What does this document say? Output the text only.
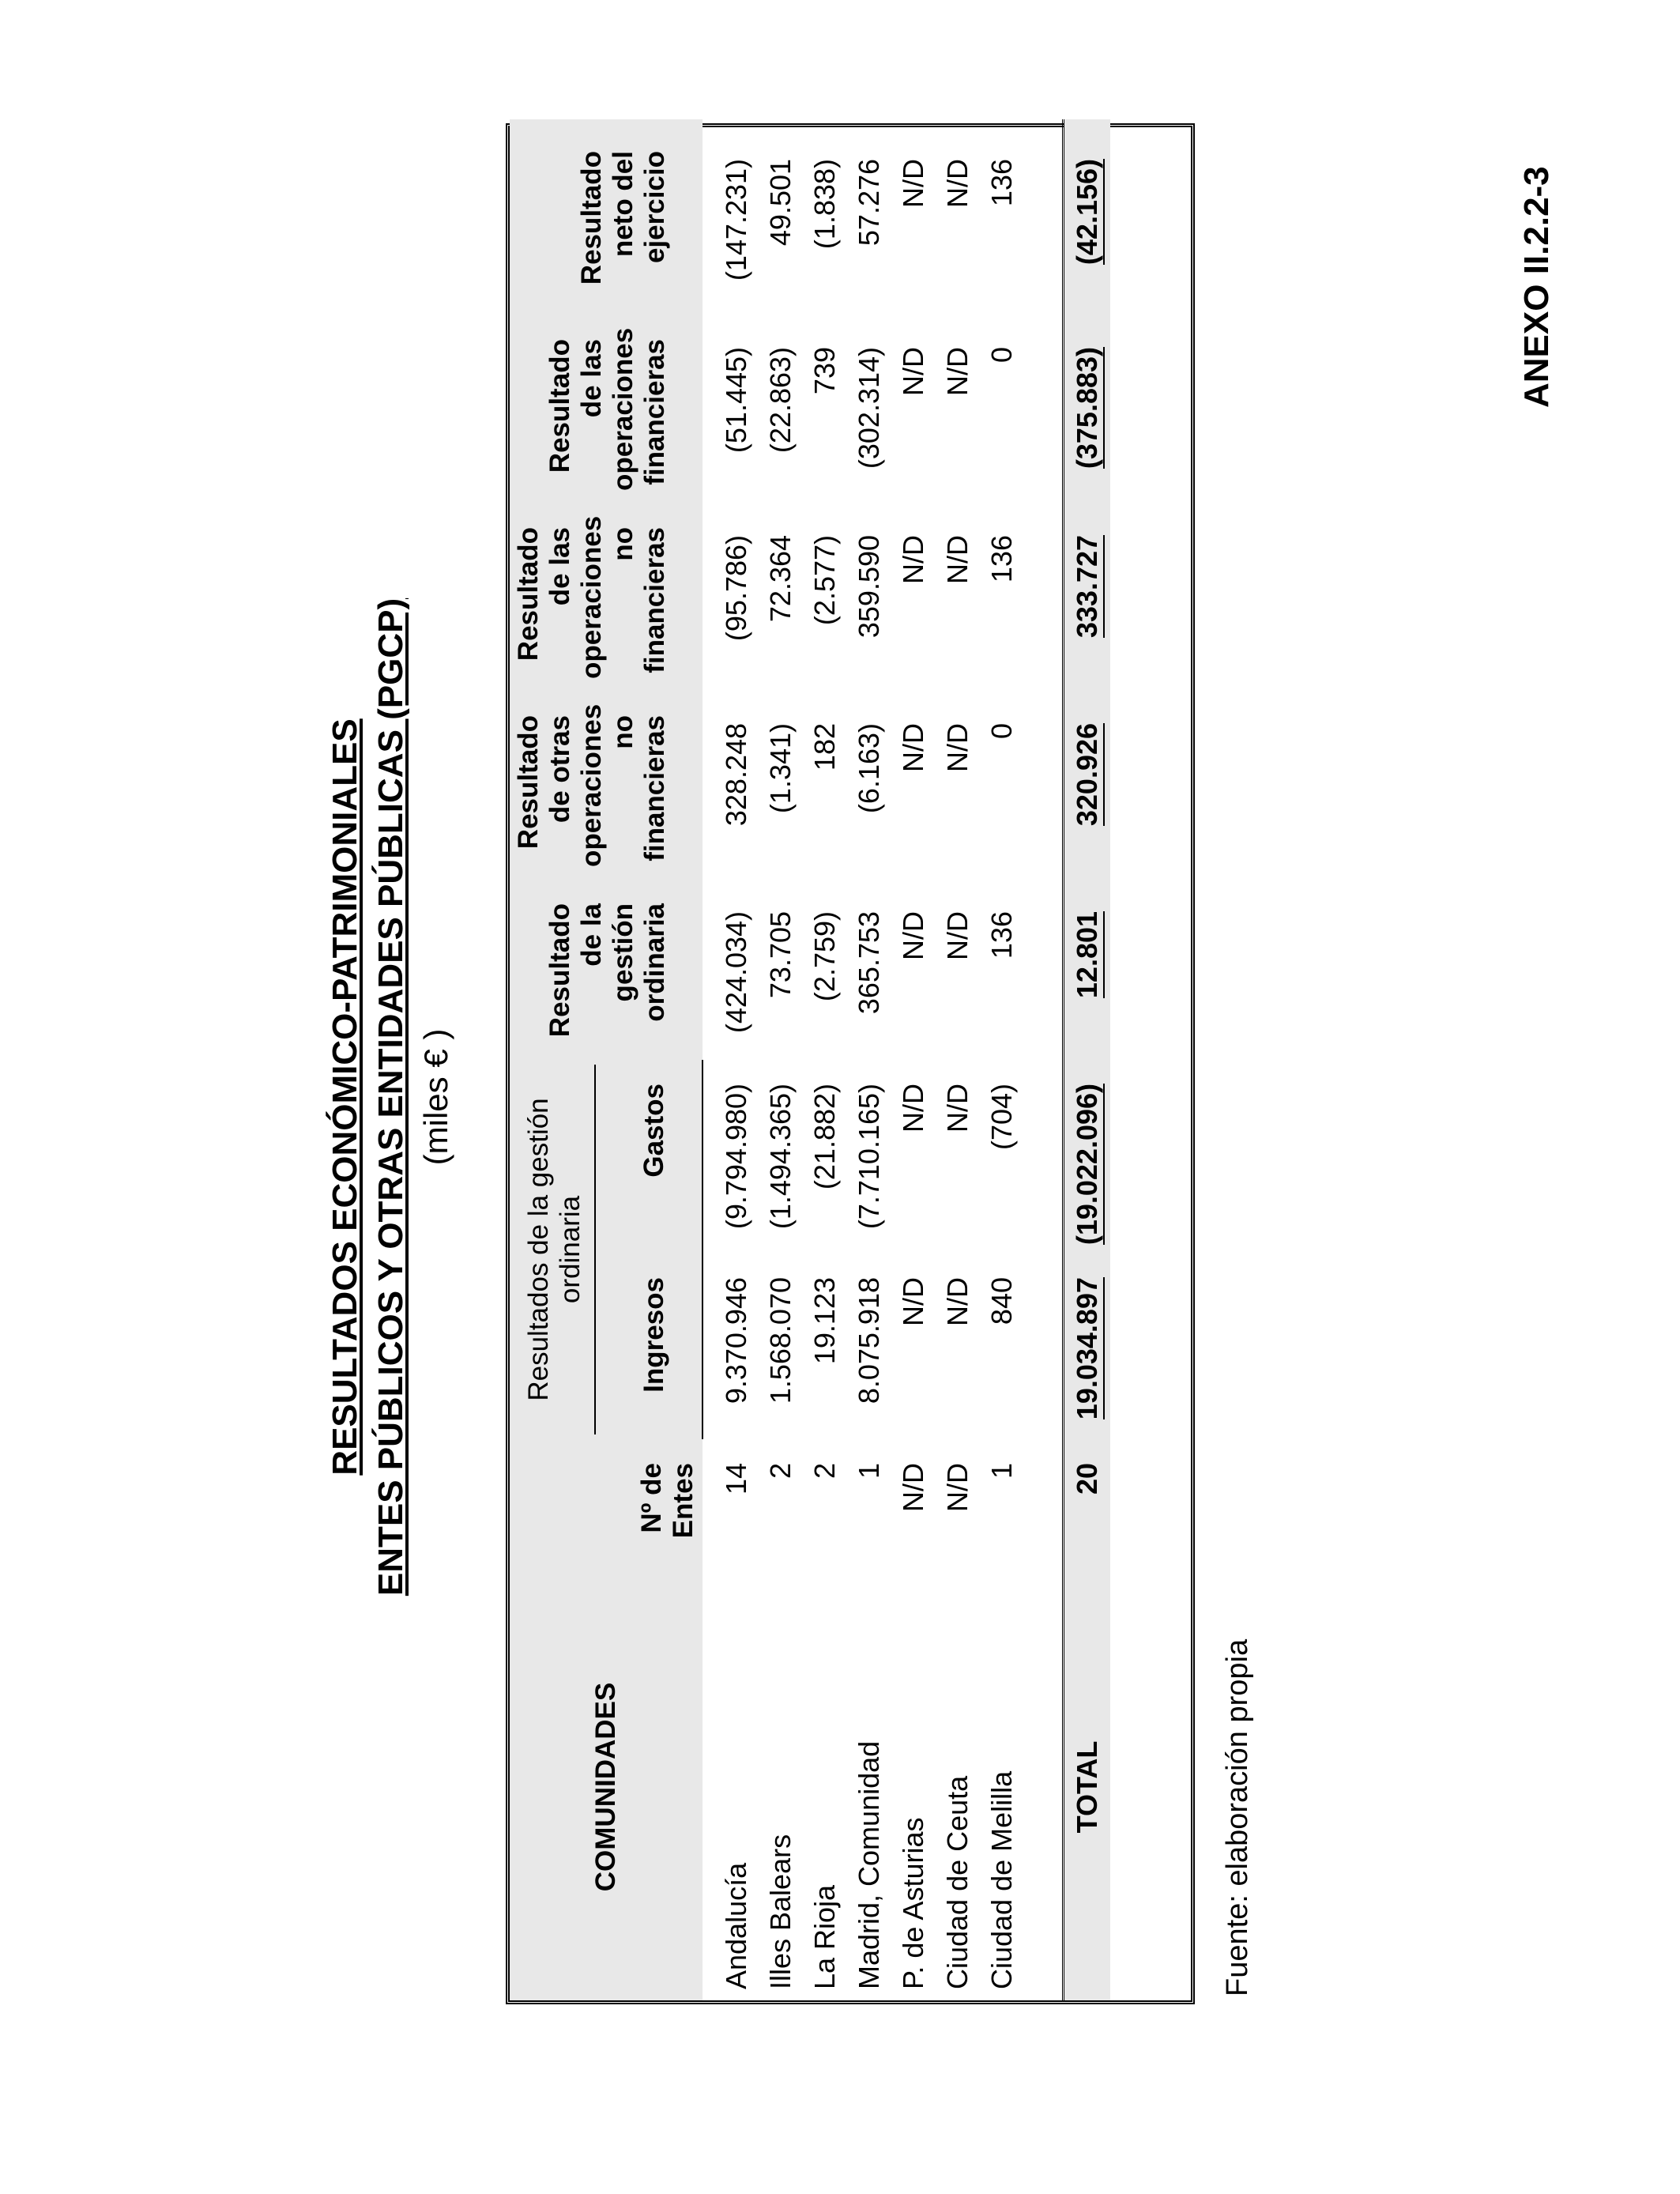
ANEXO II.2.2-3
RESULTADOS ECONÓMICO-PATRIMONIALES ENTES PÚBLICOS Y OTRAS ENTIDADES PÚBLICAS (PGCP) (miles € )
COMUNIDADES	Nº de Entes	Resultados de la gestión ordinaria		Resultado de la gestión ordinaria	Resultado de otras operaciones no financieras	Resultado de las operaciones no financieras	Resultado de las operaciones financieras	Resultado neto del ejercicio
		Ingresos	Gastos					
Andalucía	14	9.370.946	(9.794.980)	(424.034)	328.248	(95.786)	(51.445)	(147.231)
Illes Balears	2	1.568.070	(1.494.365)	73.705	(1.341)	72.364	(22.863)	49.501
La Rioja	2	19.123	(21.882)	(2.759)	182	(2.577)	739	(1.838)
Madrid, Comunidad	1	8.075.918	(7.710.165)	365.753	(6.163)	359.590	(302.314)	57.276
P. de Asturias	N/D	N/D	N/D	N/D	N/D	N/D	N/D	N/D
Ciudad de Ceuta	N/D	N/D	N/D	N/D	N/D	N/D	N/D	N/D
Ciudad de Melilla	1	840	(704)	136	0	136	0	136

TOTAL	20	19.034.897	(19.022.096)	12.801	320.926	333.727	(375.883)	(42.156)
Fuente: elaboración propia
